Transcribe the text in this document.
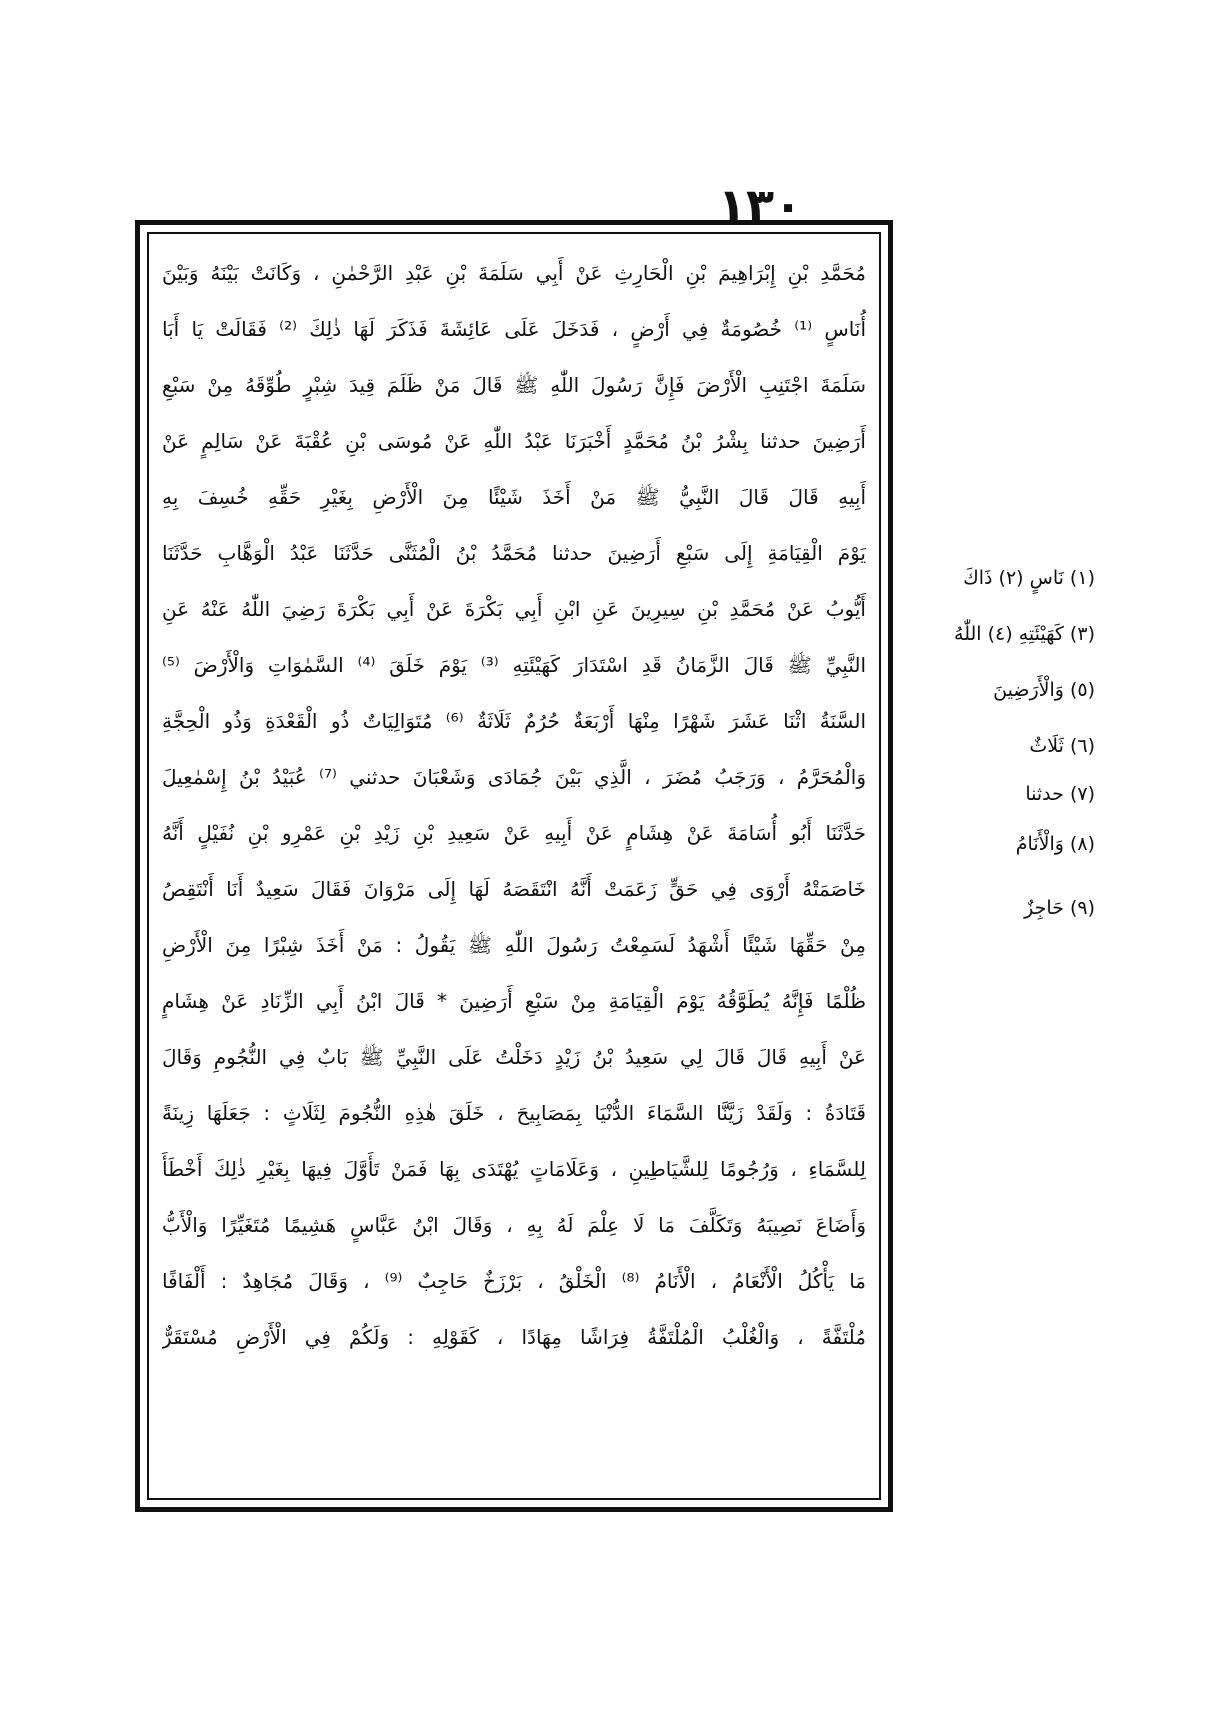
١٣٠
مُحَمَّدِ بْنِ إِبْرَاهِيمَ بْنِ الْحَارِثِ عَنْ أَبِي سَلَمَةَ بْنِ عَبْدِ الرَّحْمٰنِ ، وَكَانَتْ بَيْنَهُ وَبَيْنَ
أُنَاسٍ ⁽¹⁾ خُصُومَةٌ فِي أَرْضٍ ، فَدَخَلَ عَلَى عَائِشَةَ فَذَكَرَ لَهَا ذٰلِكَ ⁽²⁾ فَقَالَتْ يَا أَبَا
سَلَمَةَ اجْتَنِبِ الْأَرْضَ فَإِنَّ رَسُولَ اللّٰهِ ﷺ قَالَ مَنْ ظَلَمَ قِيدَ شِبْرٍ طُوِّقَهُ مِنْ سَبْعِ
أَرَضِينَ حدثنا بِشْرُ بْنُ مُحَمَّدٍ أَخْبَرَنَا عَبْدُ اللّٰهِ عَنْ مُوسَى بْنِ عُقْبَةَ عَنْ سَالِمٍ عَنْ
أَبِيهِ قَالَ قَالَ النَّبِيُّ ﷺ مَنْ أَخَذَ شَيْئًا مِنَ الْأَرْضِ بِغَيْرِ حَقِّهِ خُسِفَ بِهِ
يَوْمَ الْقِيَامَةِ إِلَى سَبْعِ أَرَضِينَ حدثنا مُحَمَّدُ بْنُ الْمُثَنَّى حَدَّثَنَا عَبْدُ الْوَهَّابِ حَدَّثَنَا
أَيُّوبُ عَنْ مُحَمَّدِ بْنِ سِيرِينَ عَنِ ابْنِ أَبِي بَكْرَةَ عَنْ أَبِي بَكْرَةَ رَضِيَ اللّٰهُ عَنْهُ عَنِ
النَّبِيِّ ﷺ قَالَ الزَّمَانُ قَدِ اسْتَدَارَ كَهَيْئَتِهِ ⁽³⁾ يَوْمَ خَلَقَ ⁽⁴⁾ السَّمٰوَاتِ وَالْأَرْضَ ⁽⁵⁾
السَّنَةُ اثْنَا عَشَرَ شَهْرًا مِنْهَا أَرْبَعَةٌ حُرُمٌ ثَلَاثَةٌ ⁽⁶⁾ مُتَوَالِيَاتٌ ذُو الْقَعْدَةِ وَذُو الْحِجَّةِ
وَالْمُحَرَّمُ ، وَرَجَبُ مُضَرَ ، الَّذِي بَيْنَ جُمَادَى وَشَعْبَانَ حدثني ⁽⁷⁾ عُبَيْدُ بْنُ إِسْمٰعِيلَ
حَدَّثَنَا أَبُو أُسَامَةَ عَنْ هِشَامٍ عَنْ أَبِيهِ عَنْ سَعِيدِ بْنِ زَيْدِ بْنِ عَمْرِو بْنِ نُفَيْلٍ أَنَّهُ
خَاصَمَتْهُ أَرْوَى فِي حَقٍّ زَعَمَتْ أَنَّهُ انْتَقَصَهُ لَهَا إِلَى مَرْوَانَ فَقَالَ سَعِيدٌ أَنَا أَنْتَقِصُ
مِنْ حَقِّهَا شَيْئًا أَشْهَدُ لَسَمِعْتُ رَسُولَ اللّٰهِ ﷺ يَقُولُ : مَنْ أَخَذَ شِبْرًا مِنَ الْأَرْضِ
ظُلْمًا فَإِنَّهُ يُطَوَّقُهُ يَوْمَ الْقِيَامَةِ مِنْ سَبْعِ أَرَضِينَ * قَالَ ابْنُ أَبِي الزِّنَادِ عَنْ هِشَامٍ
عَنْ أَبِيهِ قَالَ قَالَ لِي سَعِيدُ بْنُ زَيْدٍ دَخَلْتُ عَلَى النَّبِيِّ ﷺ بَابٌ فِي النُّجُومِ وَقَالَ
قَتَادَةُ : وَلَقَدْ زَيَّنَّا السَّمَاءَ الدُّنْيَا بِمَصَابِيحَ ، خَلَقَ هٰذِهِ النُّجُومَ لِثَلَاثٍ : جَعَلَهَا زِينَةً
لِلسَّمَاءِ ، وَرُجُومًا لِلشَّيَاطِينِ ، وَعَلَامَاتٍ يُهْتَدَى بِهَا فَمَنْ تَأَوَّلَ فِيهَا بِغَيْرِ ذٰلِكَ أَخْطَأَ
وَأَضَاعَ نَصِيبَهُ وَتَكَلَّفَ مَا لَا عِلْمَ لَهُ بِهِ ، وَقَالَ ابْنُ عَبَّاسٍ هَشِيمًا مُتَغَيِّرًا وَالْأَبُّ
مَا يَأْكُلُ الْأَنْعَامُ ، الْأَنَامُ ⁽⁸⁾ الْخَلْقُ ، بَرْزَخٌ حَاجِبٌ ⁽⁹⁾ ، وَقَالَ مُجَاهِدٌ : أَلْفَافًا
مُلْتَفَّةً ، وَالْغُلْبُ الْمُلْتَفَّةُ فِرَاشًا مِهَادًا ، كَقَوْلِهِ : وَلَكُمْ فِي الْأَرْضِ مُسْتَقَرٌّ
(١) نَاسٍ (٢) ذَاكَ
(٣) كَهَيْئَتِهِ (٤) اللّٰهُ
(٥) وَالْأَرَضِينَ
(٦) ثَلَاثٌ
(٧) حدثنا
(٨) وَالْأَنَامُ
(٩) حَاجِزٌ
